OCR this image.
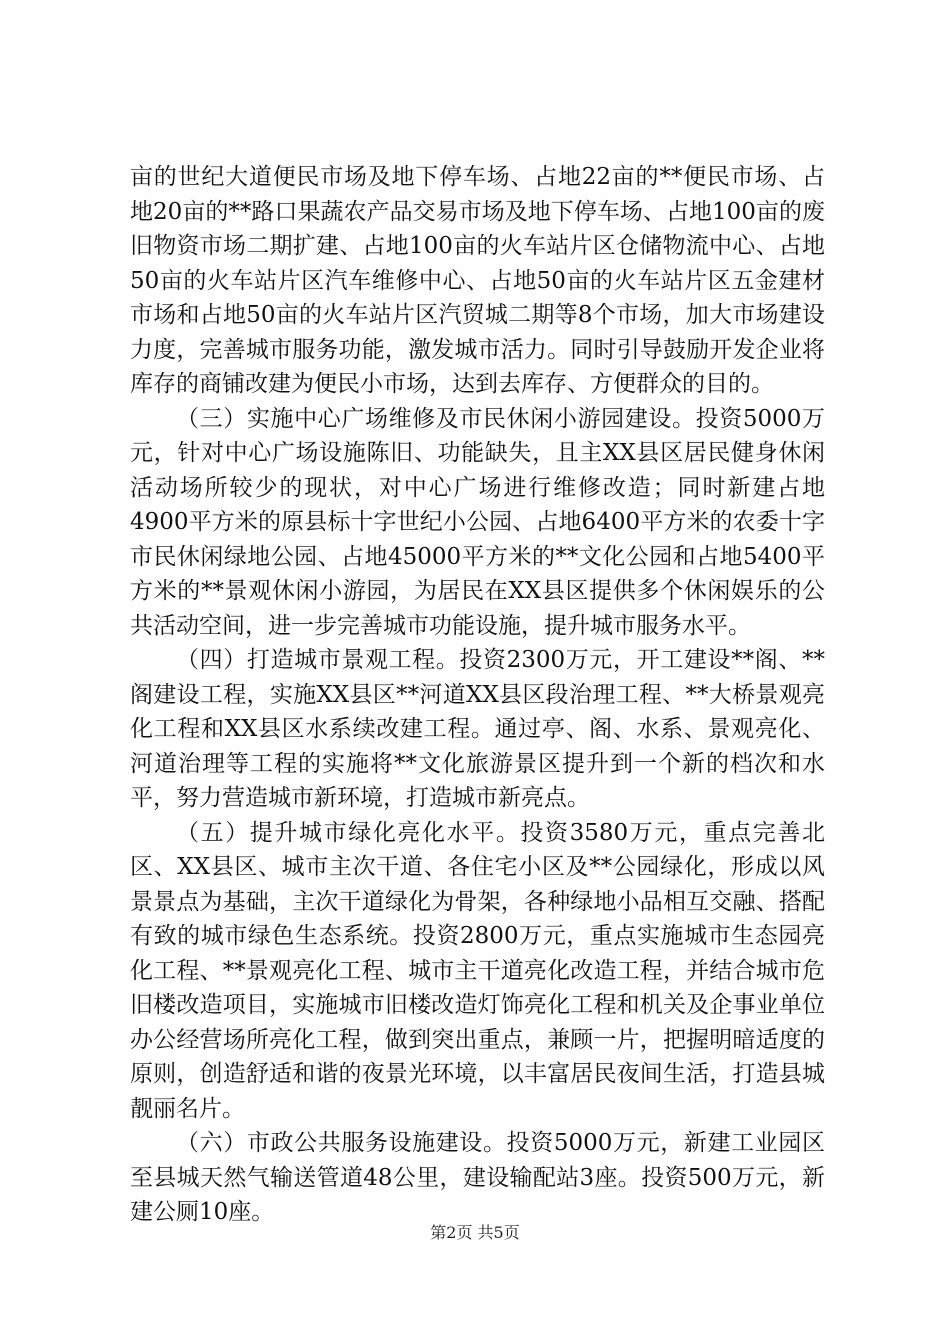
亩的世纪大道便民市场及地下停车场、占地22亩的**便民市场、占地20亩的**路口果蔬农产品交易市场及地下停车场、占地100亩的废旧物资市场二期扩建、占地100亩的火车站片区仓储物流中心、占地50亩的火车站片区汽车维修中心、占地50亩的火车站片区五金建材市场和占地50亩的火车站片区汽贸城二期等8个市场，加大市场建设力度，完善城市服务功能，激发城市活力。同时引导鼓励开发企业将库存的商铺改建为便民小市场，达到去库存、方便群众的目的。

（三）实施中心广场维修及市民休闲小游园建设。投资5000万元，针对中心广场设施陈旧、功能缺失，且主XX县区居民健身休闲活动场所较少的现状，对中心广场进行维修改造；同时新建占地4900平方米的原县标十字世纪小公园、占地6400平方米的农委十字市民休闲绿地公园、占地45000平方米的**文化公园和占地5400平方米的**景观休闲小游园，为居民在XX县区提供多个休闲娱乐的公共活动空间，进一步完善城市功能设施，提升城市服务水平。

（四）打造城市景观工程。投资2300万元，开工建设**阁、**阁建设工程，实施XX县区**河道XX县区段治理工程、**大桥景观亮化工程和XX县区水系续改建工程。通过亭、阁、水系、景观亮化、河道治理等工程的实施将**文化旅游景区提升到一个新的档次和水平，努力营造城市新环境，打造城市新亮点。

（五）提升城市绿化亮化水平。投资3580万元，重点完善北区、XX县区、城市主次干道、各住宅小区及**公园绿化，形成以风景景点为基础，主次干道绿化为骨架，各种绿地小品相互交融、搭配有致的城市绿色生态系统。投资2800万元，重点实施城市生态园亮化工程、**景观亮化工程、城市主干道亮化改造工程，并结合城市危旧楼改造项目，实施城市旧楼改造灯饰亮化工程和机关及企事业单位办公经营场所亮化工程，做到突出重点，兼顾一片，把握明暗适度的原则，创造舒适和谐的夜景光环境，以丰富居民夜间生活，打造县城靓丽名片。

（六）市政公共服务设施建设。投资5000万元，新建工业园区至县城天然气输送管道48公里，建设输配站3座。投资500万元，新建公厕10座。

第2页 共5页
